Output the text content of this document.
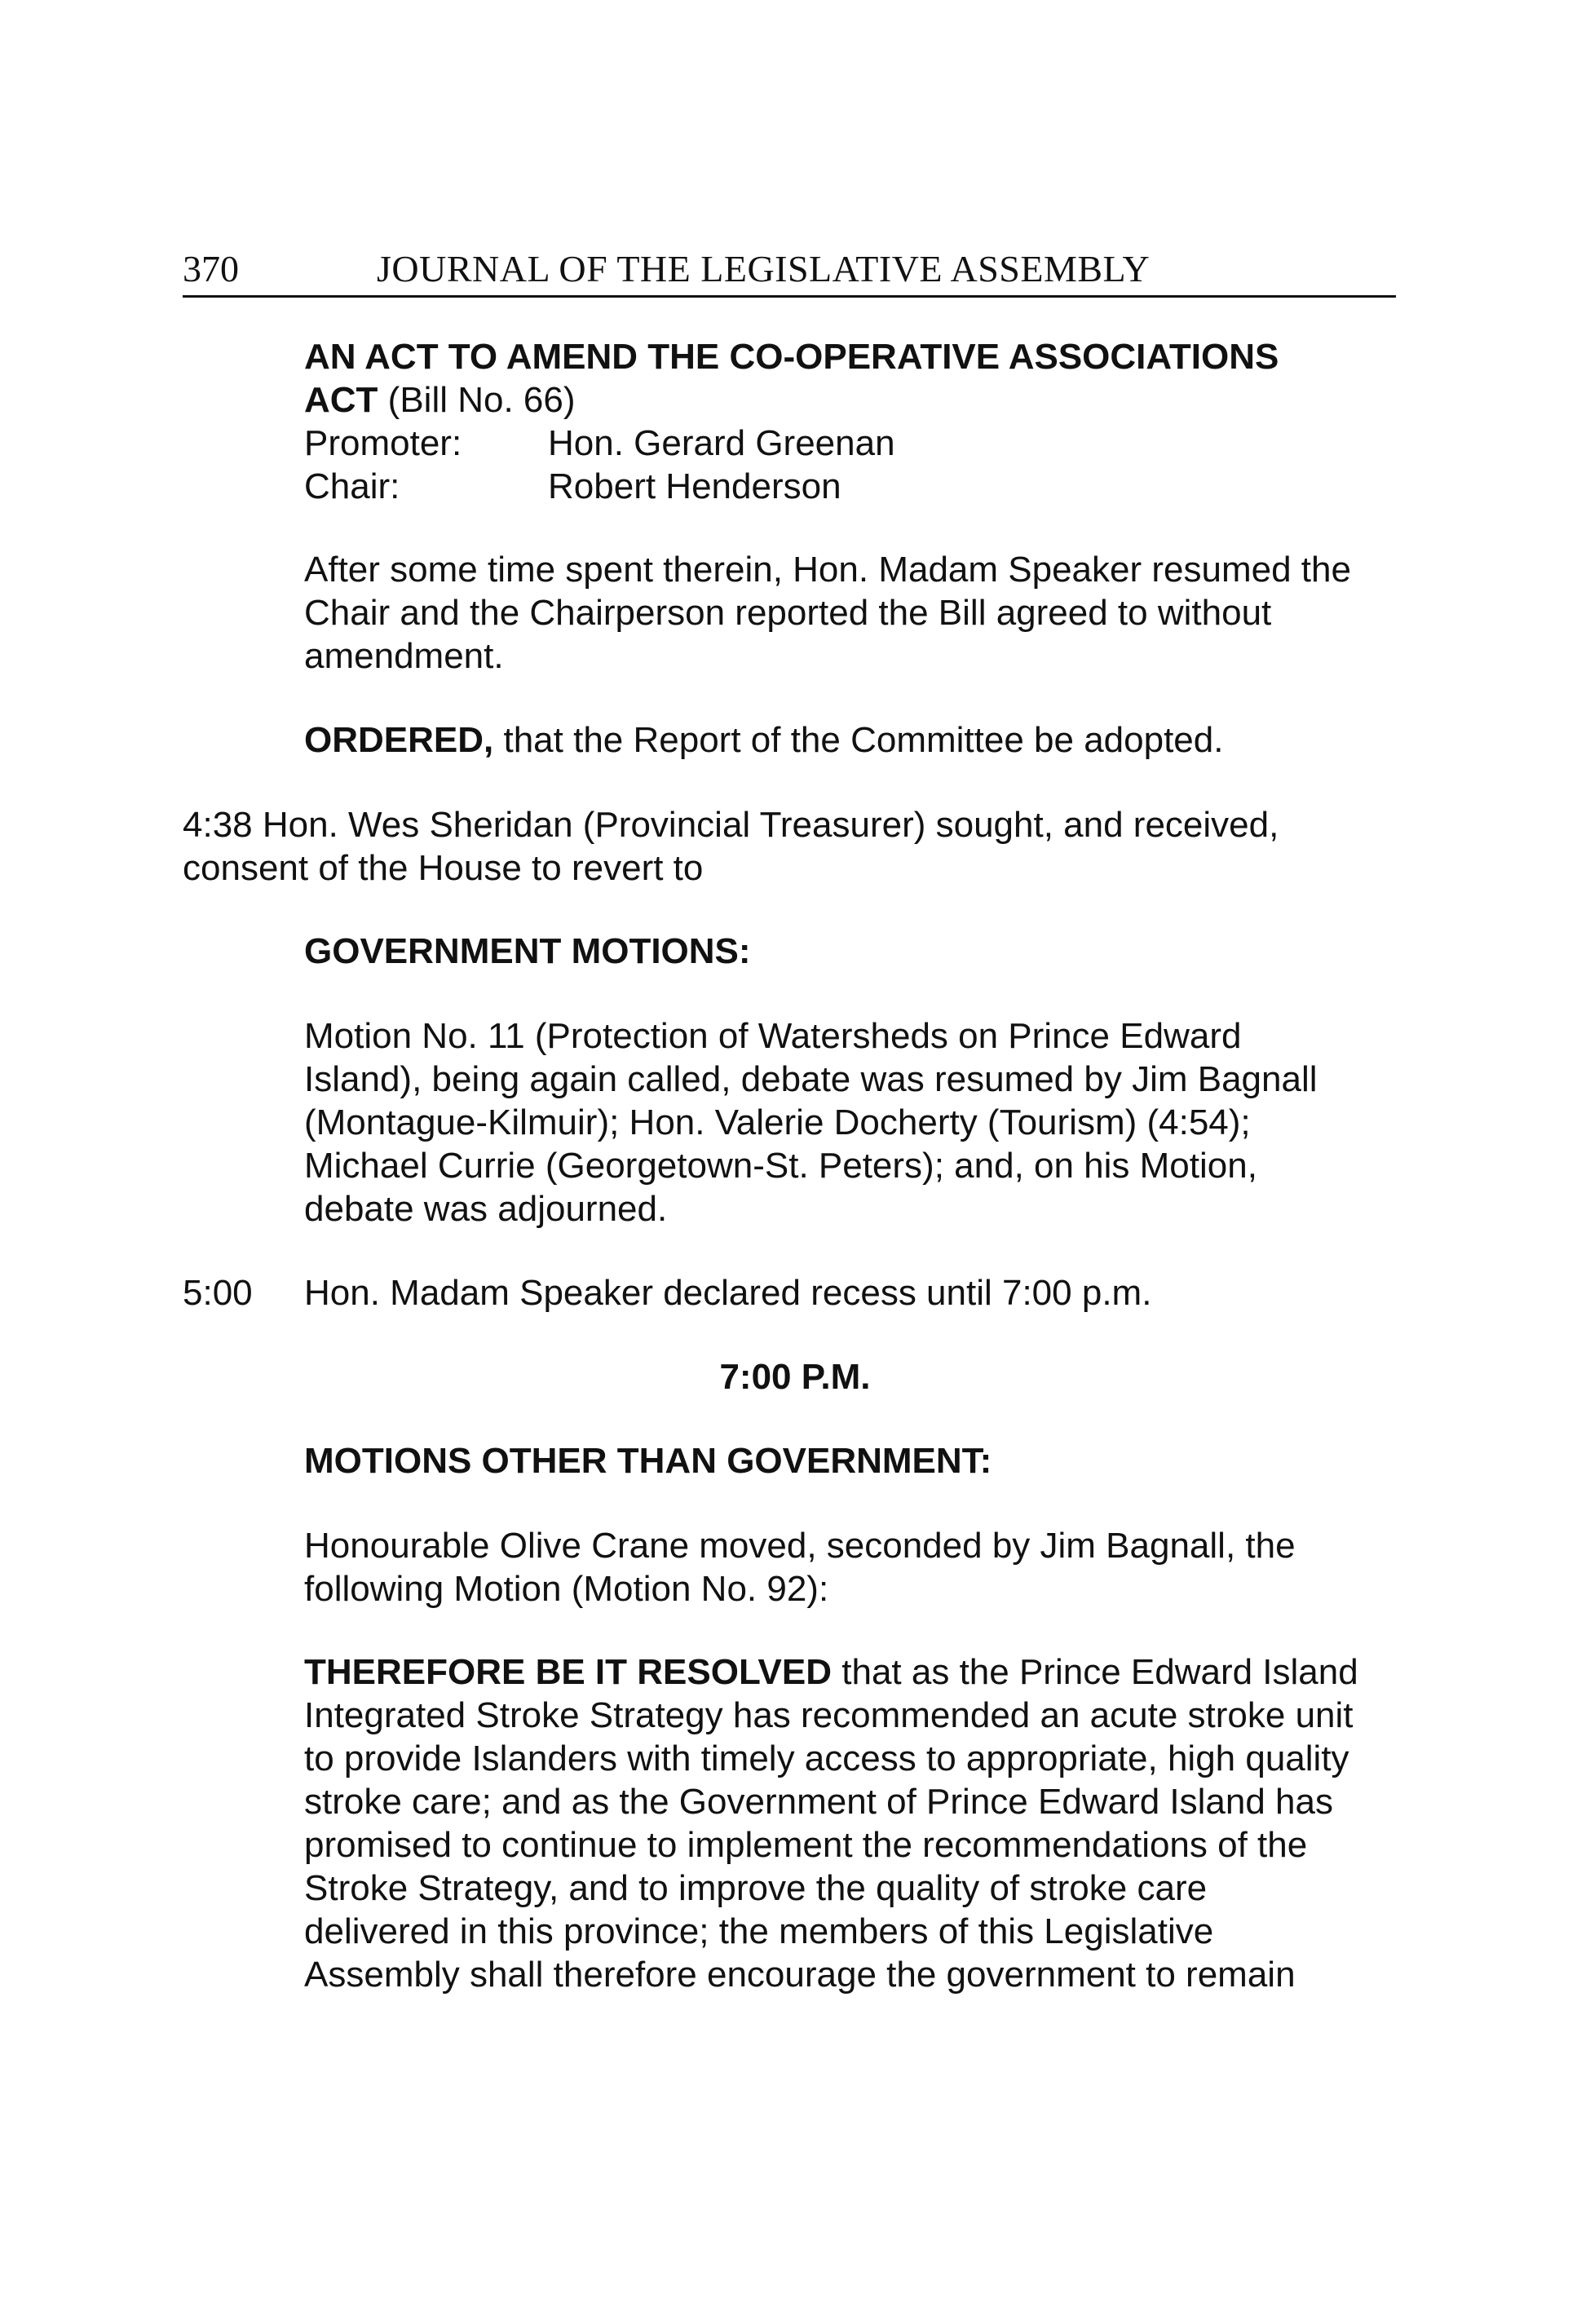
370	JOURNAL OF THE LEGISLATIVE ASSEMBLY
AN ACT TO AMEND THE CO-OPERATIVE ASSOCIATIONS
ACT (Bill No. 66)
Promoter: Hon. Gerard Greenan
Chair:	Robert Henderson
After some time spent therein, Hon. Madam Speaker resumed the
Chair and the Chairperson reported the Bill agreed to without
amendment.
ORDERED, that the Report of the Committee be adopted.
4:38 Hon. Wes Sheridan (Provincial Treasurer) sought, and received,
consent of the House to revert to
GOVERNMENT MOTIONS:
Motion No. 11 (Protection of Watersheds on Prince Edward
Island), being again called, debate was resumed by Jim Bagnall
(Montague-Kilmuir); Hon. Valerie Docherty (Tourism) (4:54);
Michael Currie (Georgetown-St. Peters); and, on his Motion,
debate was adjourned.
5:00 Hon. Madam Speaker declared recess until 7:00 p.m.
7:00 P.M.
MOTIONS OTHER THAN GOVERNMENT:
Honourable Olive Crane moved, seconded by Jim Bagnall, the
following Motion (Motion No. 92):
THEREFORE BE IT RESOLVED that as the Prince Edward Island
Integrated Stroke Strategy has recommended an acute stroke unit
to provide Islanders with timely access to appropriate, high quality
stroke care; and as the Government of Prince Edward Island has
promised to continue to implement the recommendations of the
Stroke Strategy, and to improve the quality of stroke care
delivered in this province; the members of this Legislative
Assembly shall therefore encourage the government to remain
